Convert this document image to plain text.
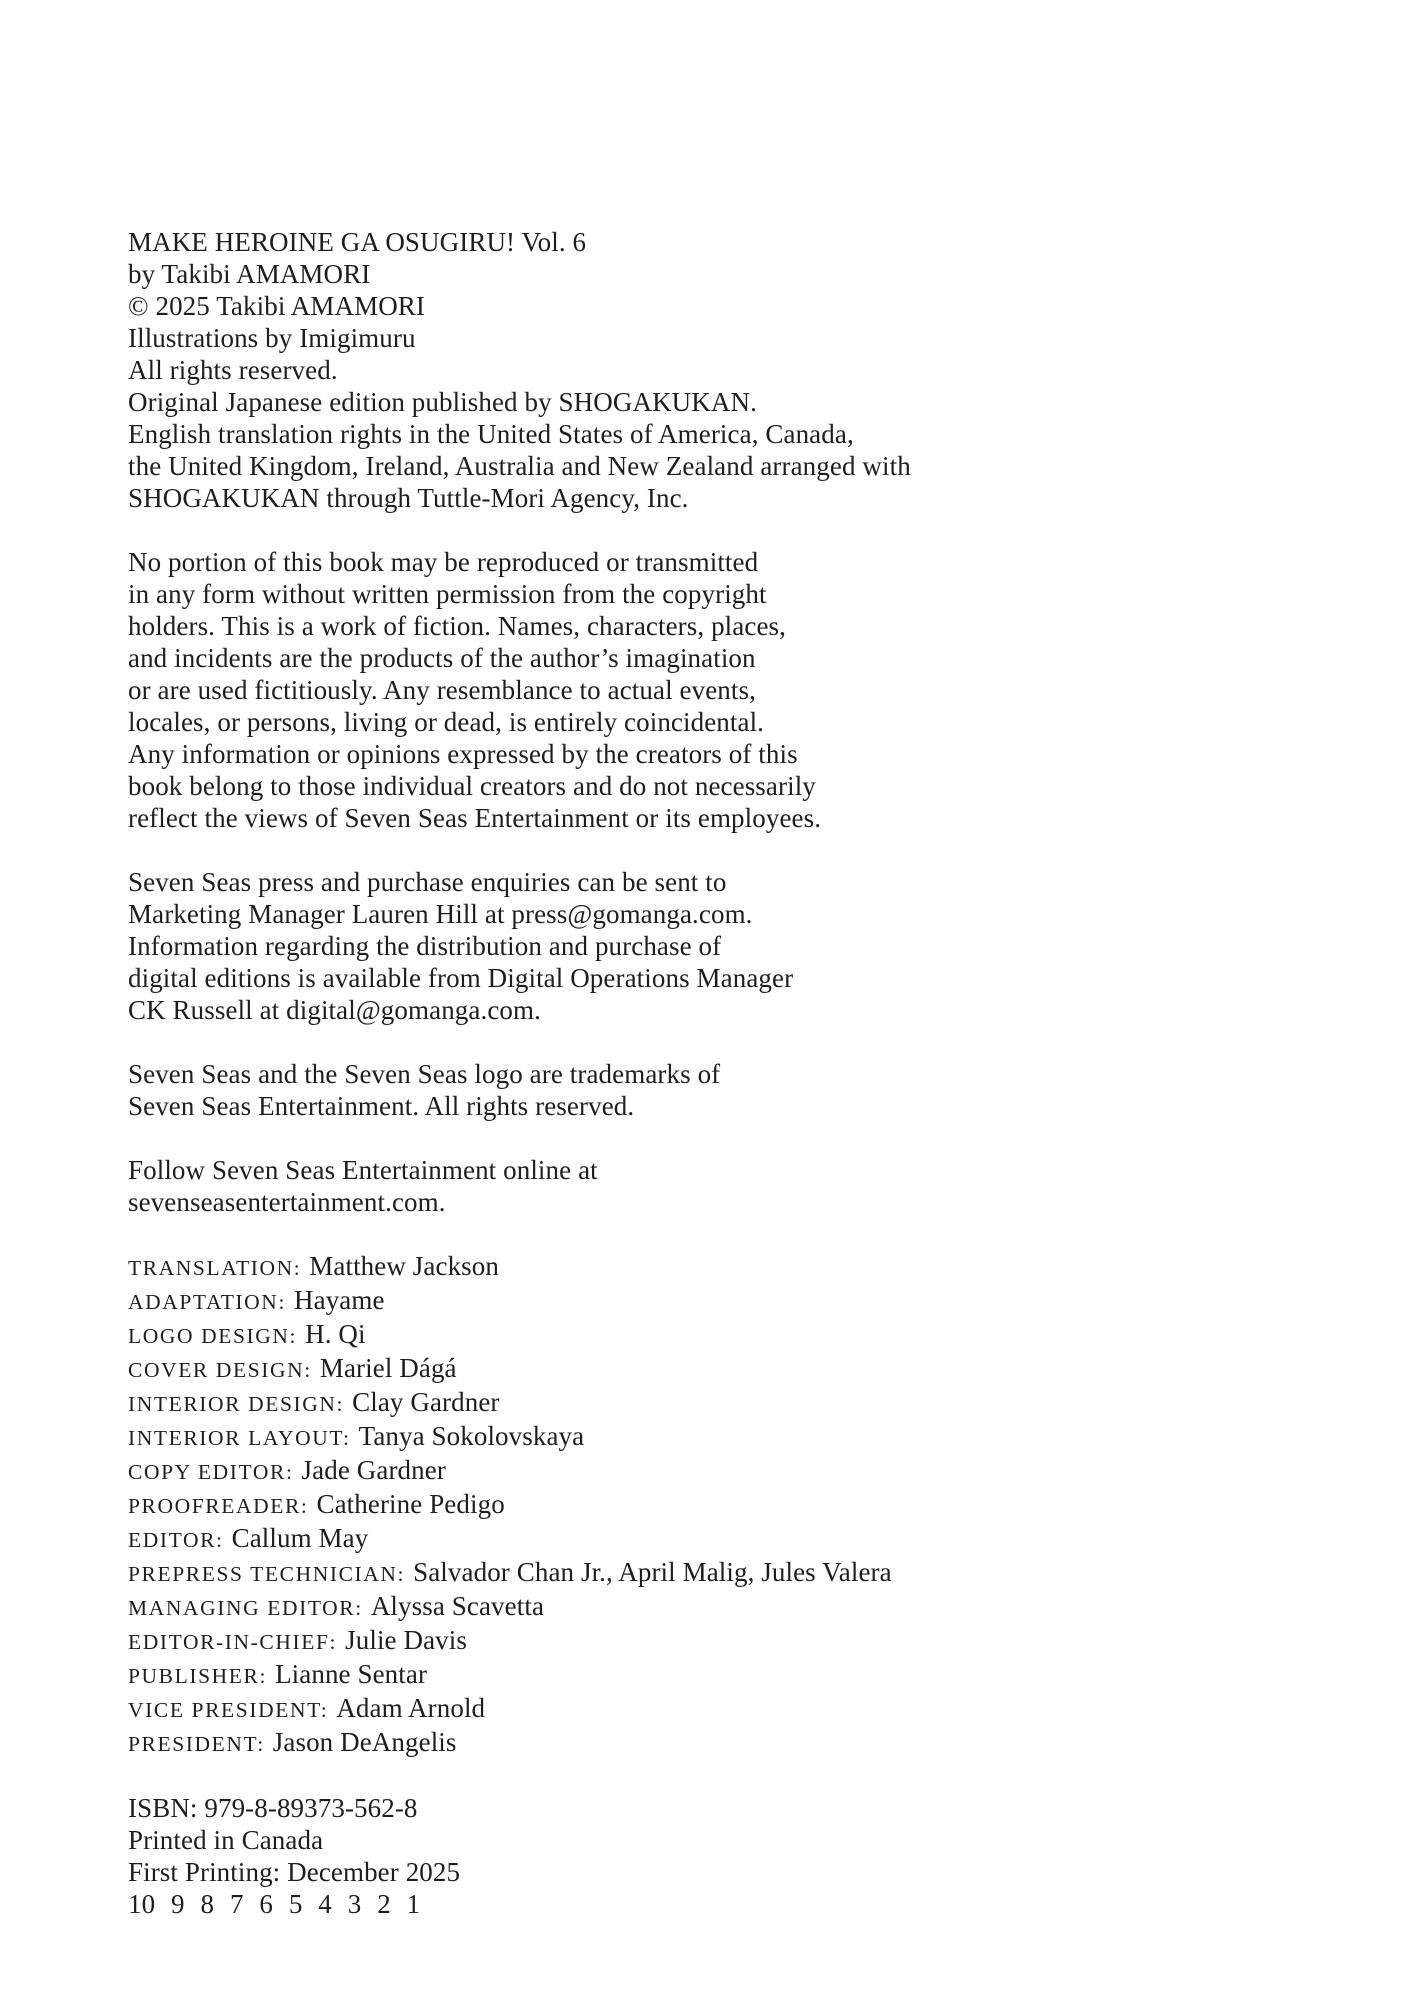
MAKE HEROINE GA OSUGIRU! Vol. 6
by Takibi AMAMORI
© 2025 Takibi AMAMORI
Illustrations by Imigimuru
All rights reserved.
Original Japanese edition published by SHOGAKUKAN.
English translation rights in the United States of America, Canada,
the United Kingdom, Ireland, Australia and New Zealand arranged with
SHOGAKUKAN through Tuttle-Mori Agency, Inc.
No portion of this book may be reproduced or transmitted
in any form without written permission from the copyright
holders. This is a work of fiction. Names, characters, places,
and incidents are the products of the author’s imagination
or are used fictitiously. Any resemblance to actual events,
locales, or persons, living or dead, is entirely coincidental.
Any information or opinions expressed by the creators of this
book belong to those individual creators and do not necessarily
reflect the views of Seven Seas Entertainment or its employees.
Seven Seas press and purchase enquiries can be sent to
Marketing Manager Lauren Hill at press@gomanga.com.
Information regarding the distribution and purchase of
digital editions is available from Digital Operations Manager
CK Russell at digital@gomanga.com.
Seven Seas and the Seven Seas logo are trademarks of
Seven Seas Entertainment. All rights reserved.
Follow Seven Seas Entertainment online at
sevenseasentertainment.com.
TRANSLATION: Matthew Jackson
ADAPTATION: Hayame
LOGO DESIGN: H. Qi
COVER DESIGN: Mariel Dágá
INTERIOR DESIGN: Clay Gardner
INTERIOR LAYOUT: Tanya Sokolovskaya
COPY EDITOR: Jade Gardner
PROOFREADER: Catherine Pedigo
EDITOR: Callum May
PREPRESS TECHNICIAN: Salvador Chan Jr., April Malig, Jules Valera
MANAGING EDITOR: Alyssa Scavetta
EDITOR-IN-CHIEF: Julie Davis
PUBLISHER: Lianne Sentar
VICE PRESIDENT: Adam Arnold
PRESIDENT: Jason DeAngelis
ISBN: 979-8-89373-562-8
Printed in Canada
First Printing: December 2025
10 9 8 7 6 5 4 3 2 1
